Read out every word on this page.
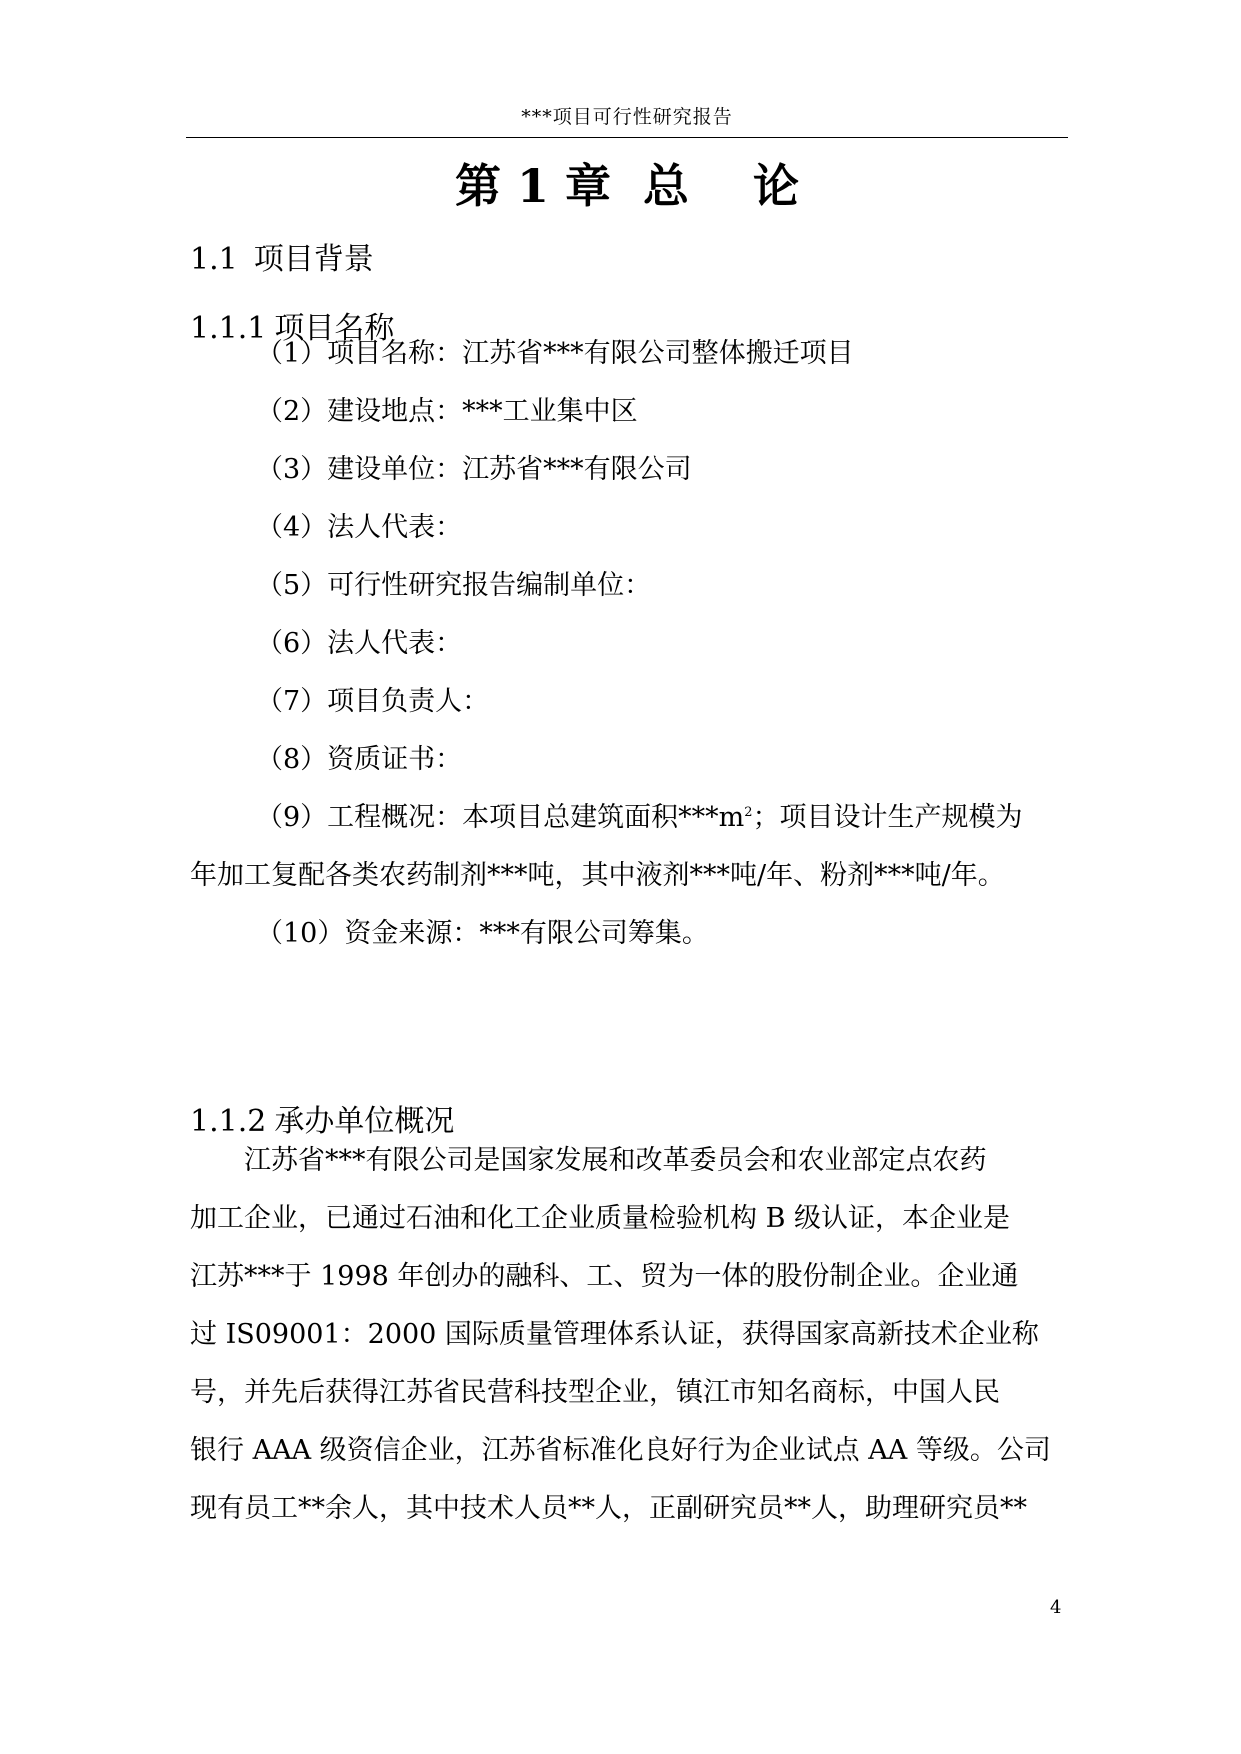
***项目可行性研究报告
第 1 章  总    论
1.1 项目背景
1.1.1 项目名称
（1）项目名称：江苏省***有限公司整体搬迁项目
（2）建设地点：***工业集中区
（3）建设单位：江苏省***有限公司
（4）法人代表：
（5）可行性研究报告编制单位：
（6）法人代表：
（7）项目负责人：
（8）资质证书：
（9）工程概况：本项目总建筑面积$***m^2$；项目设计生产规模为
年加工复配各类农药制剂***吨，其中液剂***吨/年、粉剂***吨/年。
（10）资金来源：***有限公司筹集。
1.1.2 承办单位概况
江苏省***有限公司是国家发展和改革委员会和农业部定点农药
加工企业，已通过石油和化工企业质量检验机构 B 级认证，本企业是
江苏***于 1998 年创办的融科、工、贸为一体的股份制企业。企业通
过 IS09001：2000 国际质量管理体系认证，获得国家高新技术企业称
号，并先后获得江苏省民营科技型企业，镇江市知名商标，中国人民
银行 AAA 级资信企业，江苏省标准化良好行为企业试点 AA 等级。公司
现有员工**余人，其中技术人员**人，正副研究员**人，助理研究员**
4
